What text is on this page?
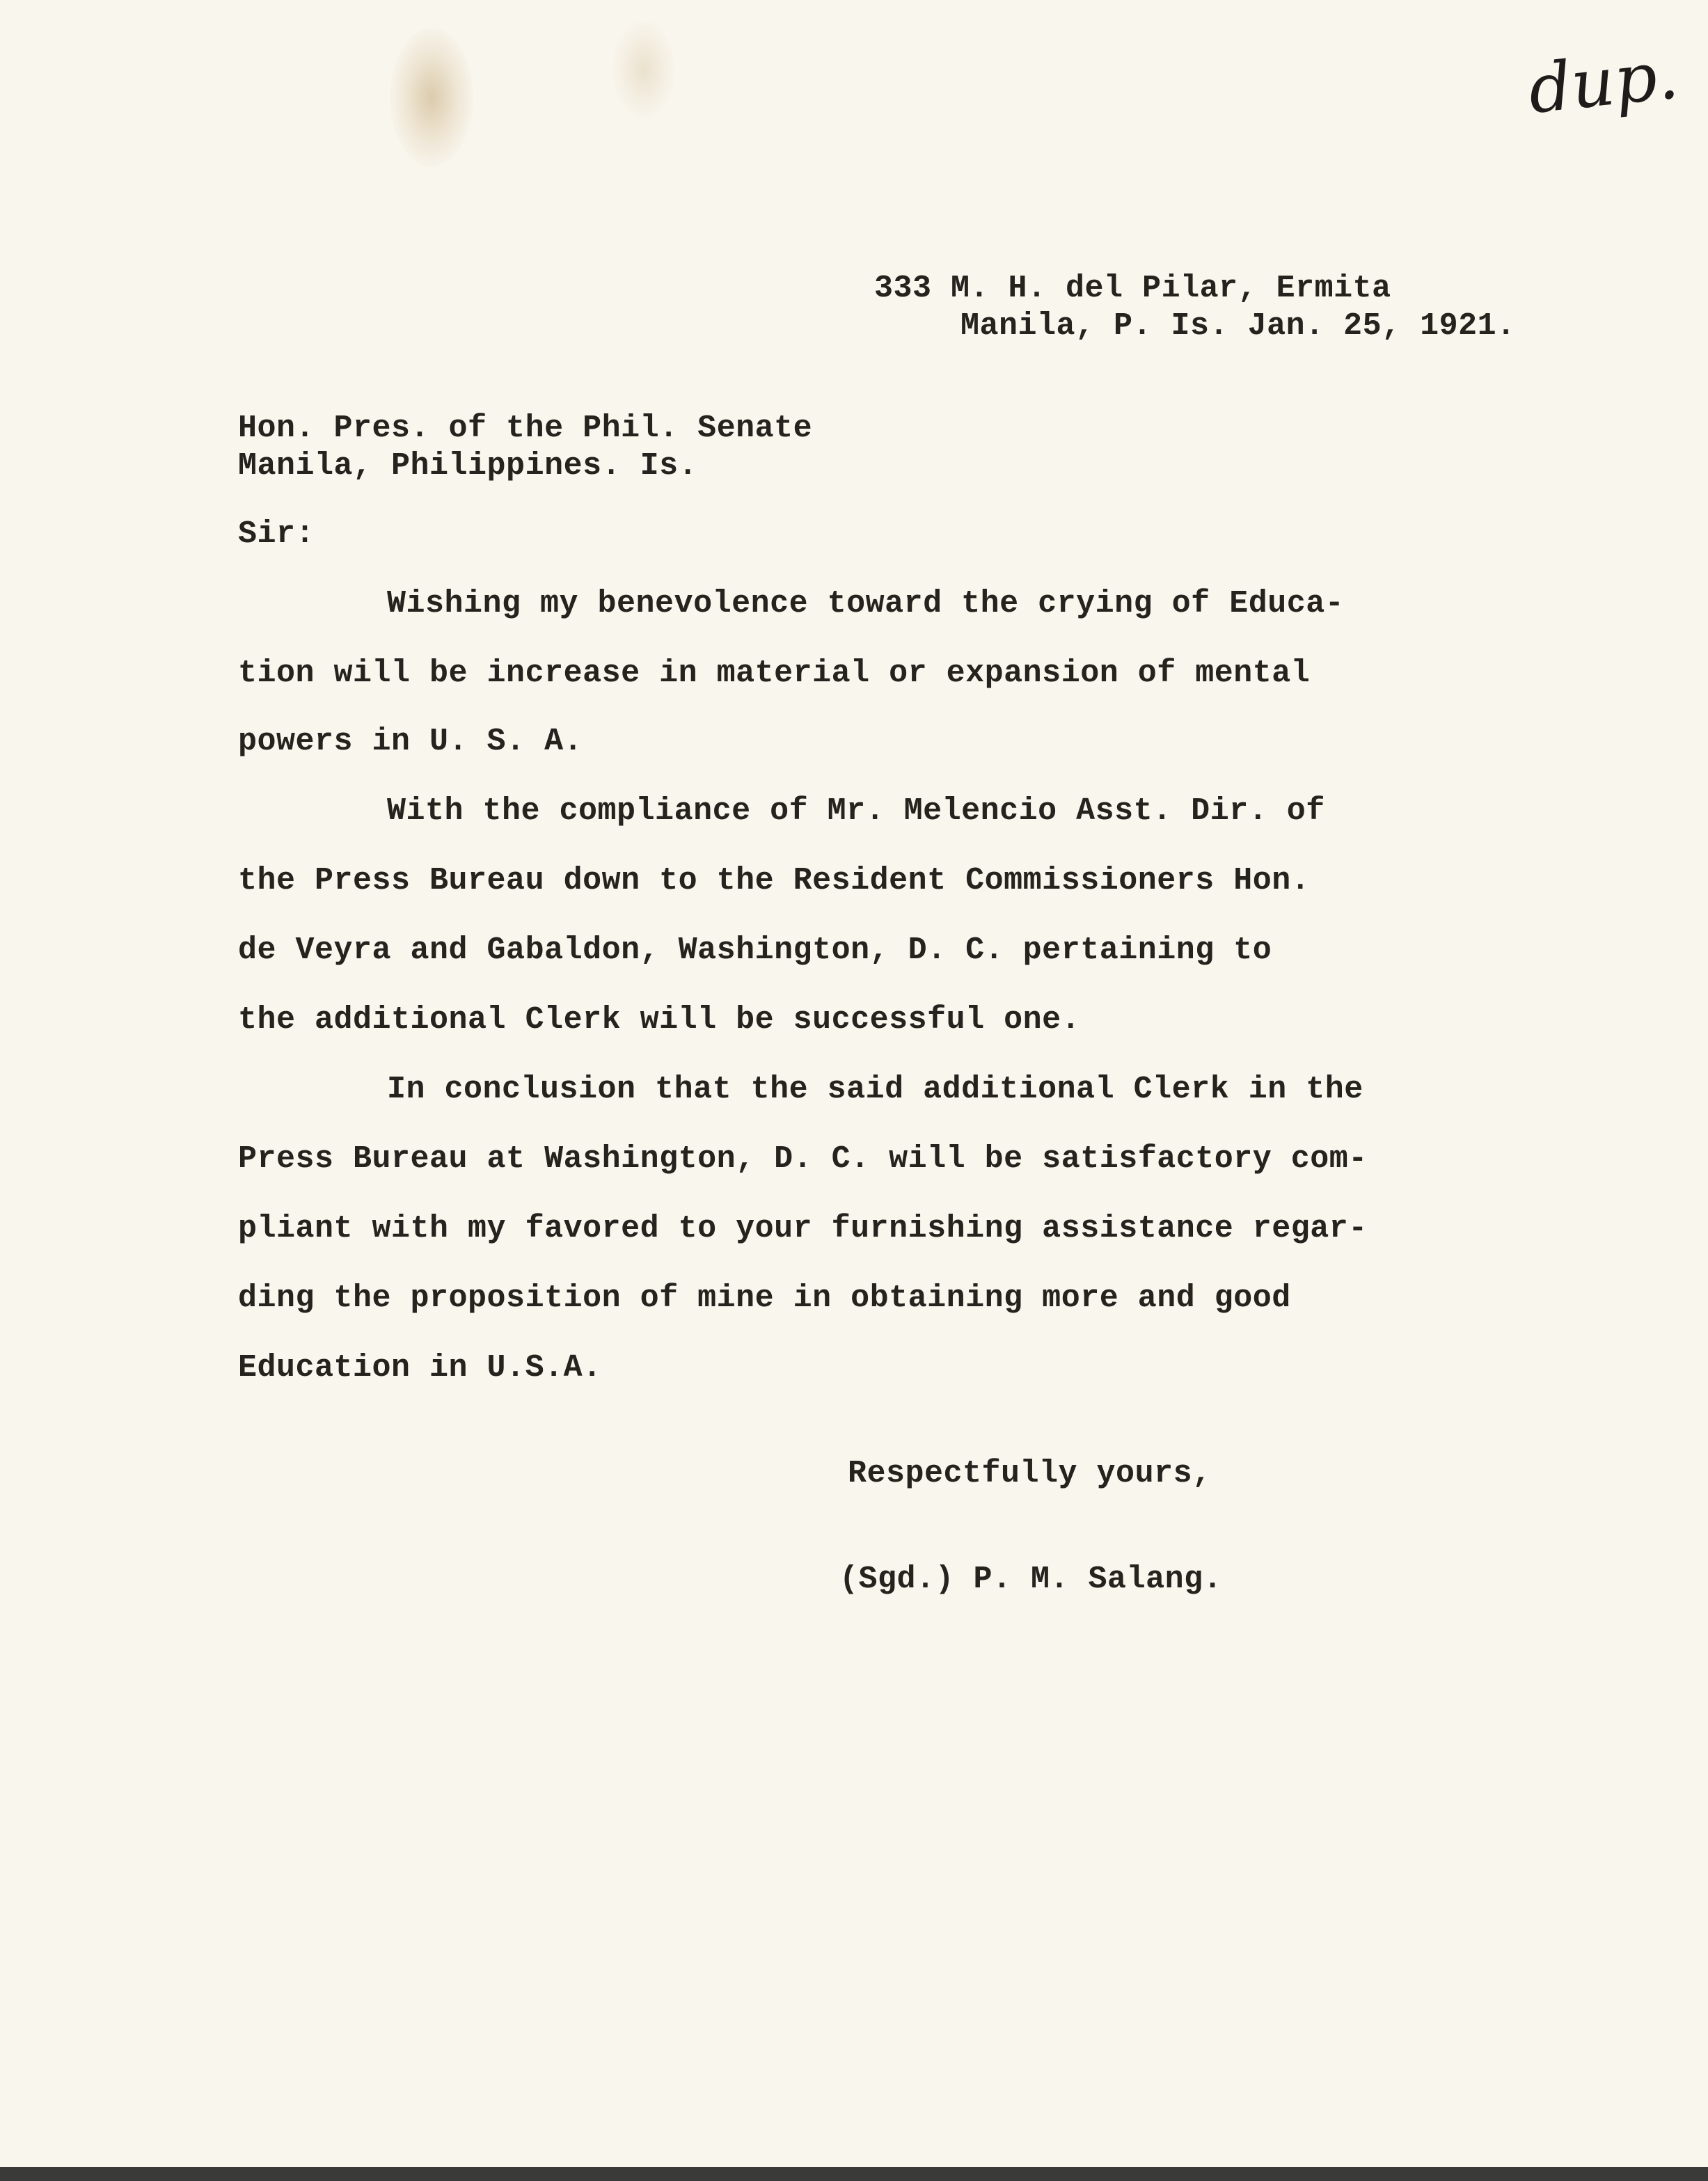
dup.

333 M. H. del Pilar, Ermita

Manila, P. Is. Jan. 25, 1921.

Hon. Pres. of the Phil. Senate

Manila, Philippines. Is.

Sir:

Wishing my benevolence toward the crying of Educa-

tion will be increase in material or expansion of mental

powers in U. S. A.

With the compliance of Mr. Melencio Asst. Dir. of

the Press Bureau down to the Resident Commissioners Hon.

de Veyra and Gabaldon, Washington, D. C. pertaining to

the additional Clerk will be successful one.

In conclusion that the said additional Clerk in the

Press Bureau at Washington, D. C. will be satisfactory com-

pliant with my favored to your furnishing assistance regar-

ding the proposition of mine in obtaining more and good

Education in U.S.A.

Respectfully yours,

(Sgd.) P. M. Salang.
